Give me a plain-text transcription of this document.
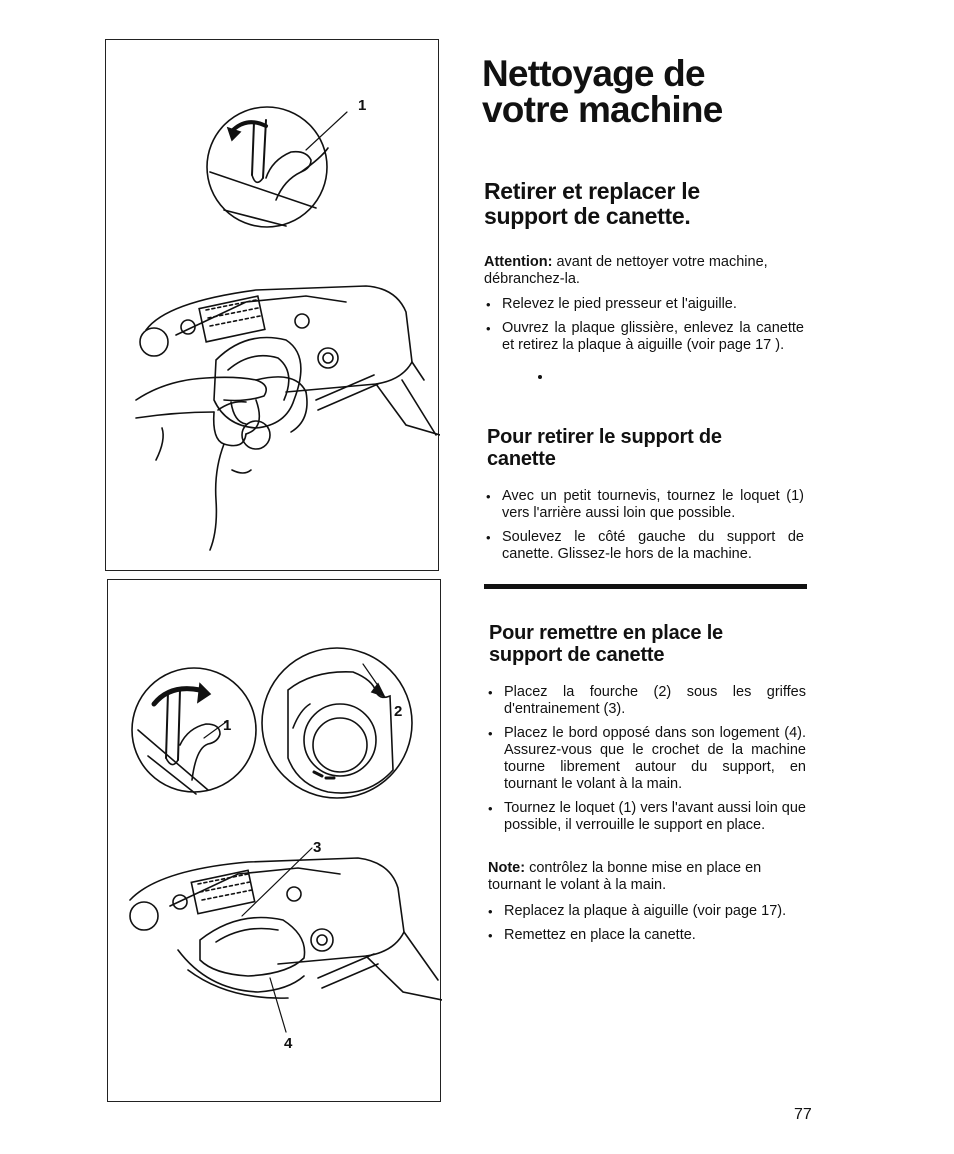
1
1
2
3
4
Nettoyage de
votre machine
Retirer et replacer le
support de canette.

Attention: avant de nettoyer votre machine,
débranchez-la.

• Relevez le pied presseur et l'aiguille.
• Ouvrez la plaque glissière, enlevez la canette et retirez la plaque à aiguille (voir page 17 ).
Pour retirer le support de
canette
• Avec un petit tournevis, tournez le loquet (1) vers l'arrière aussi loin que possible.
• Soulevez le côté gauche du support de canette. Glissez-le hors de la machine.
Pour remettre en place le
support de canette
• Placez la fourche (2) sous les griffes d'entrainement (3).
• Placez le bord opposé dans son logement (4). Assurez-vous que le crochet de la machine tourne librement autour du support, en tournant le volant à la main.
• Tournez le loquet (1) vers l'avant aussi loin que possible, il verrouille le support en place.

Note: contrôlez la bonne mise en place en tournant le volant à la main.

• Replacez la plaque à aiguille (voir page 17).
• Remettez en place la canette.
77
